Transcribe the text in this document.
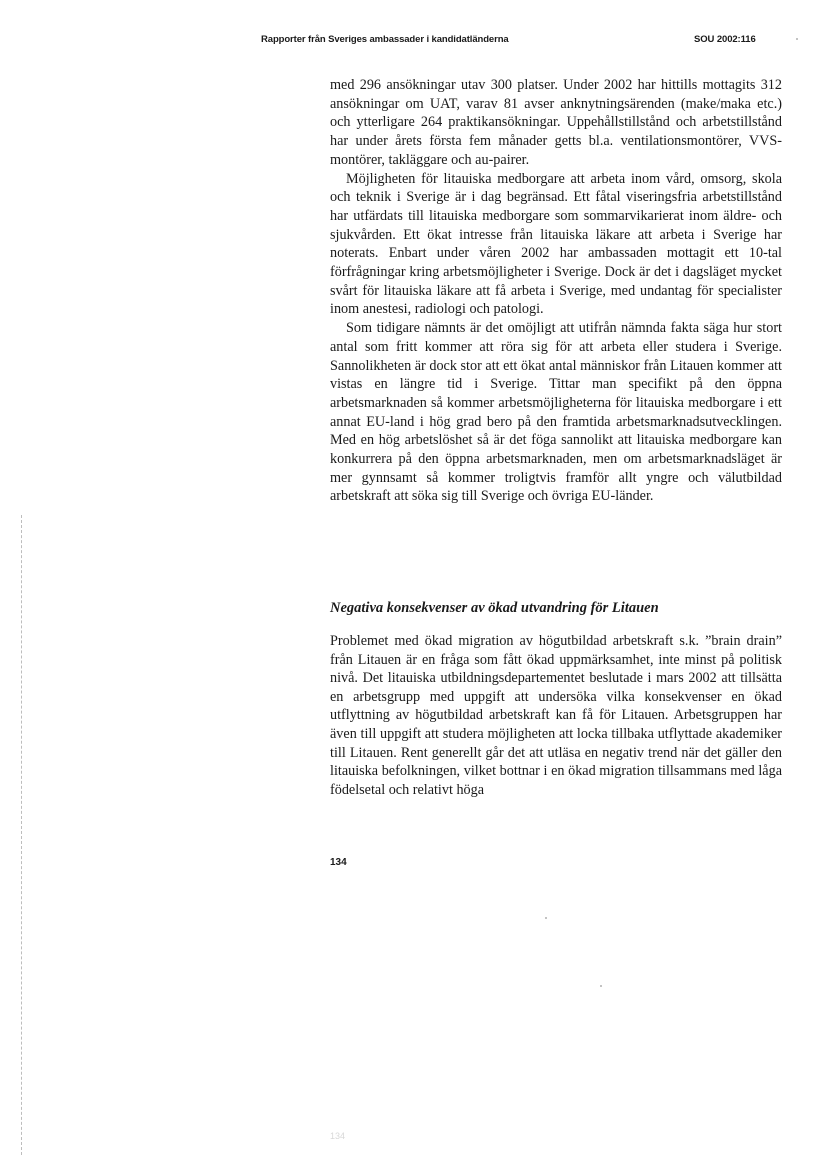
Rapporter från Sveriges ambassader i kandidatländerna	SOU 2002:116

med 296 ansökningar utav 300 platser. Under 2002 har hittills mottagits 312 ansökningar om UAT, varav 81 avser anknytningsärenden (make/maka etc.) och ytterligare 264 praktikansökningar. Uppehållstillstånd och arbetstillstånd har under årets första fem månader getts bl.a. ventilationsmontörer, VVS-montörer, takläggare och au-pairer.

Möjligheten för litauiska medborgare att arbeta inom vård, omsorg, skola och teknik i Sverige är i dag begränsad. Ett fåtal viseringsfria arbetstillstånd har utfärdats till litauiska medborgare som sommarvikarierat inom äldre- och sjukvården. Ett ökat intresse från litauiska läkare att arbeta i Sverige har noterats. Enbart under våren 2002 har ambassaden mottagit ett 10-tal förfrågningar kring arbetsmöjligheter i Sverige. Dock är det i dagsläget mycket svårt för litauiska läkare att få arbeta i Sverige, med undantag för specialister inom anestesi, radiologi och patologi.

Som tidigare nämnts är det omöjligt att utifrån nämnda fakta säga hur stort antal som fritt kommer att röra sig för att arbeta eller studera i Sverige. Sannolikheten är dock stor att ett ökat antal människor från Litauen kommer att vistas en längre tid i Sverige. Tittar man specifikt på den öppna arbetsmarknaden så kommer arbetsmöjligheterna för litauiska medborgare i ett annat EU-land i hög grad bero på den framtida arbetsmarknadsutvecklingen. Med en hög arbetslöshet så är det föga sannolikt att litauiska medborgare kan konkurrera på den öppna arbetsmarknaden, men om arbetsmarknadsläget är mer gynnsamt så kommer troligtvis framför allt yngre och välutbildad arbetskraft att söka sig till Sverige och övriga EU-länder.

Negativa konsekvenser av ökad utvandring för Litauen

Problemet med ökad migration av högutbildad arbetskraft s.k. ”brain drain” från Litauen är en fråga som fått ökad uppmärksamhet, inte minst på politisk nivå. Det litauiska utbildningsdepartementet beslutade i mars 2002 att tillsätta en arbetsgrupp med uppgift att undersöka vilka konsekvenser en ökad utflyttning av högutbildad arbetskraft kan få för Litauen. Arbetsgruppen har även till uppgift att studera möjligheten att locka tillbaka utflyttade akademiker till Litauen. Rent generellt går det att utläsa en negativ trend när det gäller den litauiska befolkningen, vilket bottnar i en ökad migration tillsammans med låga födelsetal och relativt höga

134
134
